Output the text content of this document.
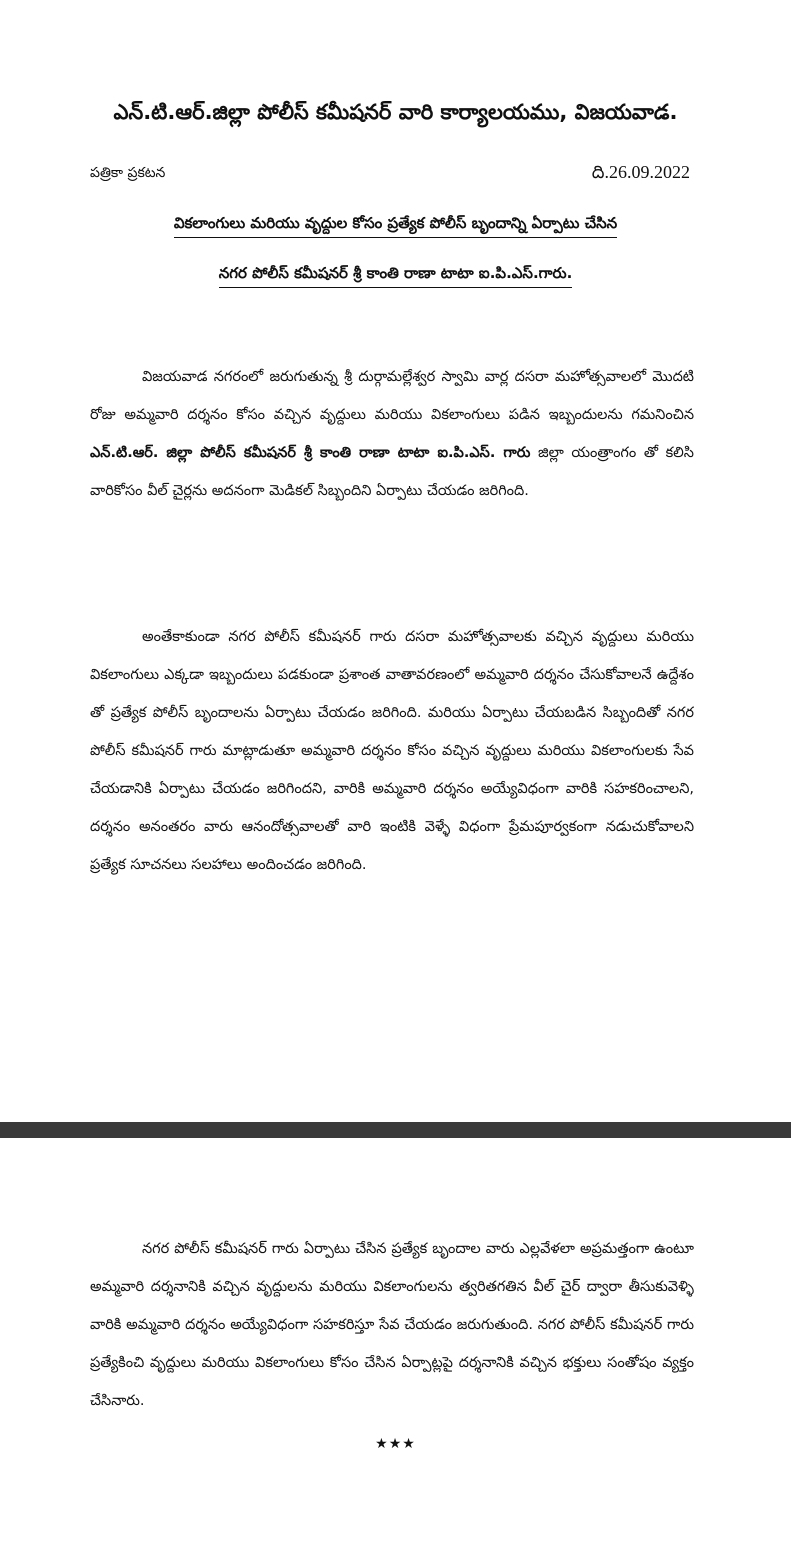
ఎన్.టి.ఆర్.జిల్లా పోలీస్ కమీషనర్ వారి కార్యాలయము, విజయవాడ.
పత్రికా ప్రకటన	ది.26.09.2022
వికలాంగులు మరియు వృద్దుల కోసం ప్రత్యేక పోలీస్ బృందాన్ని ఏర్పాటు చేసిన
నగర పోలీస్ కమీషనర్ శ్రీ కాంతి రాణా టాటా ఐ.పి.ఎస్.గారు.

విజయవాడ నగరంలో జరుగుతున్న శ్రీ దుర్గామల్లేశ్వర స్వామి వార్ల దసరా మహోత్సవాలలో మొదటి రోజు అమ్మవారి దర్శనం కోసం వచ్చిన వృద్దులు మరియు వికలాంగులు పడిన ఇబ్బందులను గమనించిన ఎన్.టి.ఆర్. జిల్లా పోలీస్ కమీషనర్ శ్రీ కాంతి రాణా టాటా ఐ.పి.ఎస్. గారు జిల్లా యంత్రాంగం తో కలిసి వారికోసం వీల్ చైర్లను అదనంగా మెడికల్ సిబ్బందిని ఏర్పాటు చేయడం జరిగింది.

అంతేకాకుండా నగర పోలీస్ కమీషనర్ గారు దసరా మహోత్సవాలకు వచ్చిన వృద్దులు మరియు వికలాంగులు ఎక్కడా ఇబ్బందులు పడకుండా ప్రశాంత వాతావరణంలో అమ్మవారి దర్శనం చేసుకోవాలనే ఉద్దేశం తో ప్రత్యేక పోలీస్ బృందాలను ఏర్పాటు చేయడం జరిగింది. మరియు ఏర్పాటు చేయబడిన సిబ్బందితో నగర పోలీస్ కమీషనర్ గారు మాట్లాడుతూ అమ్మవారి దర్శనం కోసం వచ్చిన వృద్దులు మరియు వికలాంగులకు సేవ చేయడానికి ఏర్పాటు చేయడం జరిగిందని, వారికి అమ్మవారి దర్శనం అయ్యేవిధంగా వారికి సహకరించాలని, దర్శనం అనంతరం వారు ఆనందోత్సవాలతో వారి ఇంటికి వెళ్ళే విధంగా ప్రేమపూర్వకంగా నడుచుకోవాలని ప్రత్యేక సూచనలు సలహాలు అందించడం జరిగింది.

నగర పోలీస్ కమీషనర్ గారు ఏర్పాటు చేసిన ప్రత్యేక బృందాల వారు ఎల్లవేళలా అప్రమత్తంగా ఉంటూ అమ్మవారి దర్శనానికి వచ్చిన వృద్దులను మరియు వికలాంగులను త్వరితగతిన వీల్ చైర్ ద్వారా తీసుకువెళ్ళి వారికి అమ్మవారి దర్శనం అయ్యేవిధంగా సహకరిస్తూ సేవ చేయడం జరుగుతుంది. నగర పోలీస్ కమీషనర్ గారు ప్రత్యేకించి వృద్దులు మరియు వికలాంగులు కోసం చేసిన ఏర్పాట్లపై దర్శనానికి వచ్చిన భక్తులు సంతోషం వ్యక్తం చేసినారు.

★★★
